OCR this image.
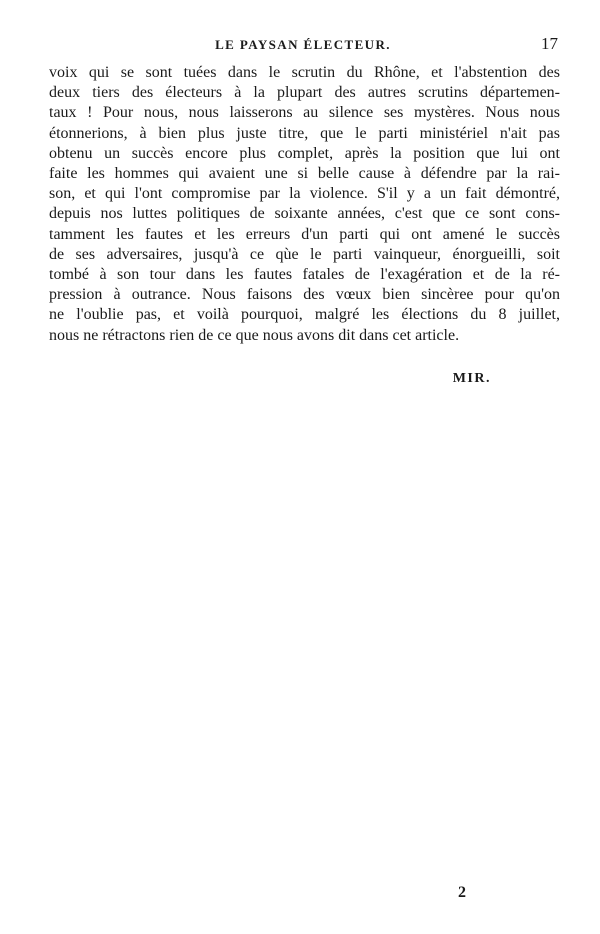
LE PAYSAN ÉLECTEUR.	17
voix qui se sont tuées dans le scrutin du Rhône, et l'abstention des
deux tiers des électeurs à la plupart des autres scrutins départemen-
taux ! Pour nous, nous laisserons au silence ses mystères. Nous nous
étonnerions, à bien plus juste titre, que le parti ministériel n'ait pas
obtenu un succès encore plus complet, après la position que lui ont
faite les hommes qui avaient une si belle cause à défendre par la rai-
son, et qui l'ont compromise par la violence. S'il y a un fait démontré,
depuis nos luttes politiques de soixante années, c'est que ce sont cons-
tamment les fautes et les erreurs d'un parti qui ont amené le succès
de ses adversaires, jusqu'à ce qùe le parti vainqueur, énorgueilli, soit
tombé à son tour dans les fautes fatales de l'exagération et de la ré-
pression à outrance. Nous faisons des vœux bien sincèree pour qu'on
ne l'oublie pas, et voilà pourquoi, malgré les élections du 8 juillet,
nous ne rétractons rien de ce que nous avons dit dans cet article.
MIR.
2
